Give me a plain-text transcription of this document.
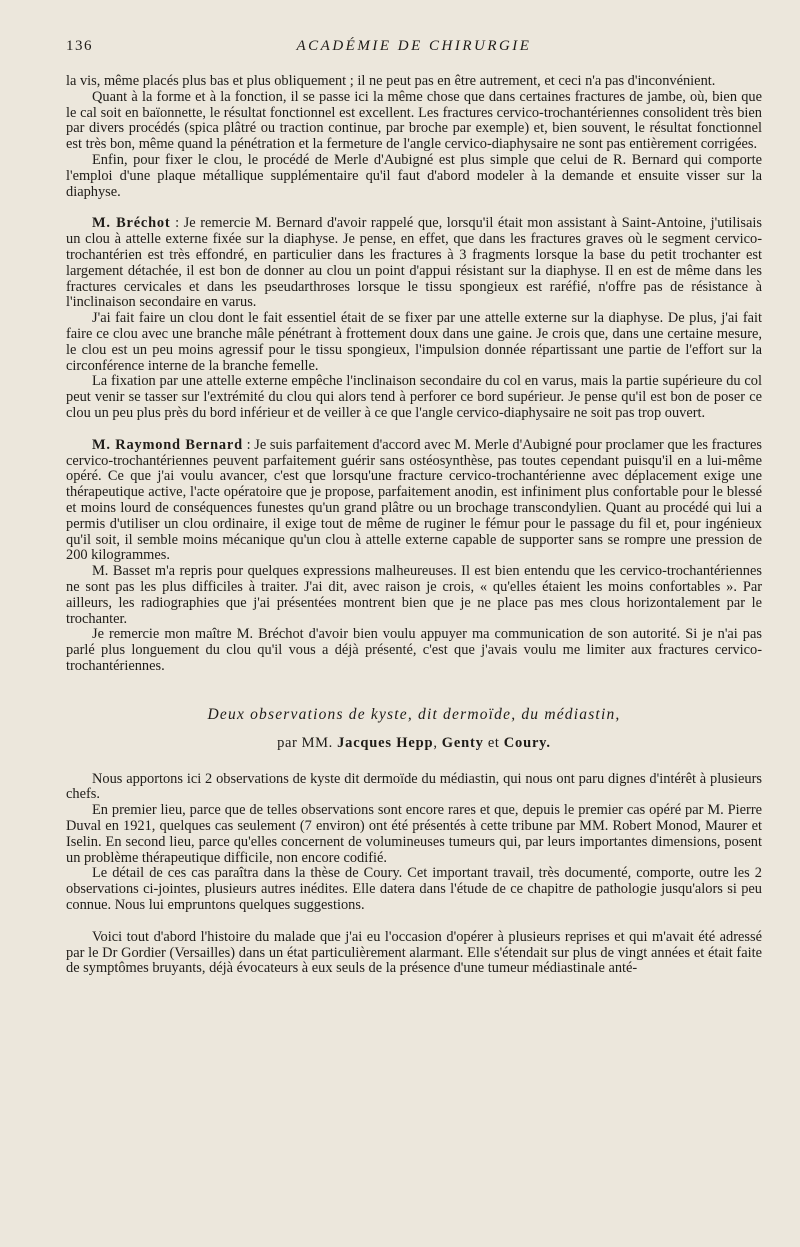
136	ACADÉMIE DE CHIRURGIE

la vis, même placés plus bas et plus obliquement ; il ne peut pas en être autrement, et ceci n'a pas d'inconvénient.

Quant à la forme et à la fonction, il se passe ici la même chose que dans certaines fractures de jambe, où, bien que le cal soit en baïonnette, le résultat fonctionnel est excellent. Les fractures cervico-trochantériennes consolident très bien par divers procédés (spica plâtré ou traction continue, par broche par exemple) et, bien souvent, le résultat fonctionnel est très bon, même quand la pénétration et la fermeture de l'angle cervico-diaphysaire ne sont pas entièrement corrigées.

Enfin, pour fixer le clou, le procédé de Merle d'Aubigné est plus simple que celui de R. Bernard qui comporte l'emploi d'une plaque métallique supplémentaire qu'il faut d'abord modeler à la demande et ensuite visser sur la diaphyse.

M. Bréchot : Je remercie M. Bernard d'avoir rappelé que, lorsqu'il était mon assistant à Saint-Antoine, j'utilisais un clou à attelle externe fixée sur la diaphyse. Je pense, en effet, que dans les fractures graves où le segment cervico-trochantérien est très effondré, en particulier dans les fractures à 3 fragments lorsque la base du petit trochanter est largement détachée, il est bon de donner au clou un point d'appui résistant sur la diaphyse. Il en est de même dans les fractures cervicales et dans les pseudarthroses lorsque le tissu spongieux est raréfié, n'offre pas de résistance à l'inclinaison secondaire en varus.

J'ai fait faire un clou dont le fait essentiel était de se fixer par une attelle externe sur la diaphyse. De plus, j'ai fait faire ce clou avec une branche mâle pénétrant à frottement doux dans une gaine. Je crois que, dans une certaine mesure, le clou est un peu moins agressif pour le tissu spongieux, l'impulsion donnée répartissant une partie de l'effort sur la circonférence interne de la branche femelle.

La fixation par une attelle externe empêche l'inclinaison secondaire du col en varus, mais la partie supérieure du col peut venir se tasser sur l'extrémité du clou qui alors tend à perforer ce bord supérieur. Je pense qu'il est bon de poser ce clou un peu plus près du bord inférieur et de veiller à ce que l'angle cervico-diaphysaire ne soit pas trop ouvert.

M. Raymond Bernard : Je suis parfaitement d'accord avec M. Merle d'Aubigné pour proclamer que les fractures cervico-trochantériennes peuvent parfaitement guérir sans ostéosynthèse, pas toutes cependant puisqu'il en a lui-même opéré. Ce que j'ai voulu avancer, c'est que lorsqu'une fracture cervico-trochantérienne avec déplacement exige une thérapeutique active, l'acte opératoire que je propose, parfaitement anodin, est infiniment plus confortable pour le blessé et moins lourd de conséquences funestes qu'un grand plâtre ou un brochage transcondylien. Quant au procédé qui lui a permis d'utiliser un clou ordinaire, il exige tout de même de ruginer le fémur pour le passage du fil et, pour ingénieux qu'il soit, il semble moins mécanique qu'un clou à attelle externe capable de supporter sans se rompre une pression de 200 kilogrammes.

M. Basset m'a repris pour quelques expressions malheureuses. Il est bien entendu que les cervico-trochantériennes ne sont pas les plus difficiles à traiter. J'ai dit, avec raison je crois, « qu'elles étaient les moins confortables ». Par ailleurs, les radiographies que j'ai présentées montrent bien que je ne place pas mes clous horizontalement par le trochanter.

Je remercie mon maître M. Bréchot d'avoir bien voulu appuyer ma communication de son autorité. Si je n'ai pas parlé plus longuement du clou qu'il vous a déjà présenté, c'est que j'avais voulu me limiter aux fractures cervico-trochantériennes.

Deux observations de kyste, dit dermoïde, du médiastin,
par MM. Jacques Hepp, Genty et Coury.

Nous apportons ici 2 observations de kyste dit dermoïde du médiastin, qui nous ont paru dignes d'intérêt à plusieurs chefs.

En premier lieu, parce que de telles observations sont encore rares et que, depuis le premier cas opéré par M. Pierre Duval en 1921, quelques cas seulement (7 environ) ont été présentés à cette tribune par MM. Robert Monod, Maurer et Iselin. En second lieu, parce qu'elles concernent de volumineuses tumeurs qui, par leurs importantes dimensions, posent un problème thérapeutique difficile, non encore codifié.

Le détail de ces cas paraîtra dans la thèse de Coury. Cet important travail, très documenté, comporte, outre les 2 observations ci-jointes, plusieurs autres inédites. Elle datera dans l'étude de ce chapitre de pathologie jusqu'alors si peu connue. Nous lui empruntons quelques suggestions.

Voici tout d'abord l'histoire du malade que j'ai eu l'occasion d'opérer à plusieurs reprises et qui m'avait été adressé par le Dr Gordier (Versailles) dans un état particulièrement alarmant. Elle s'étendait sur plus de vingt années et était faite de symptômes bruyants, déjà évocateurs à eux seuls de la présence d'une tumeur médiastinale anté-
